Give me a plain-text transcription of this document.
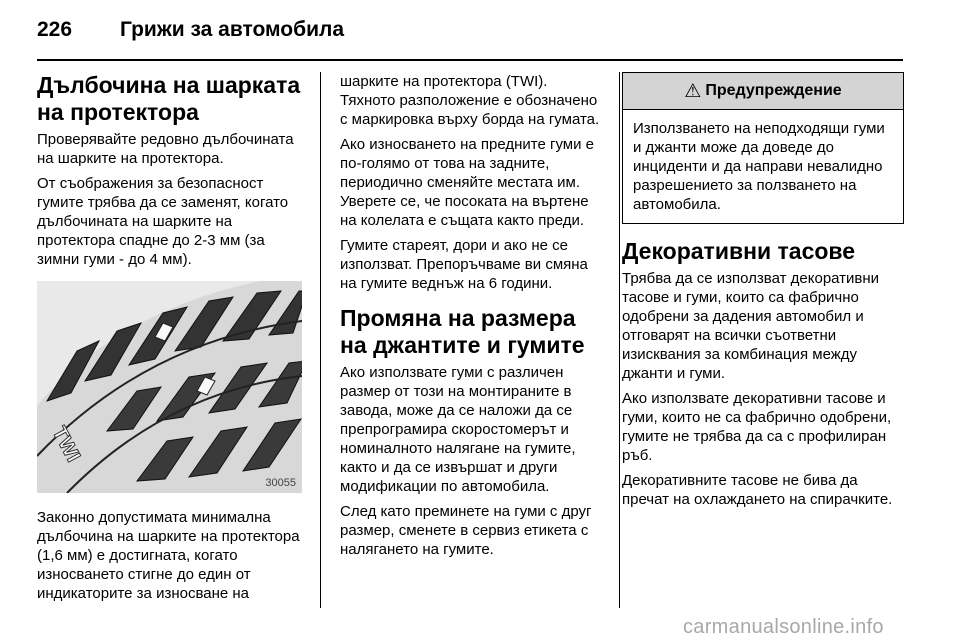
226 Грижи за автомобила
Дълбочина на шарката на протектора

Проверявайте редовно дълбочината на шарките на протектора.

От съображения за безопасност гумите трябва да се заменят, когато дълбочината на шарките на протектора спадне до 2-3 мм (за зимни гуми - до 4 мм).

TWI
30055

Законно допустимата минимална дълбочина на шарките на протектора (1,6 мм) е достигната, когато износването стигне до един от индикаторите за износване на

шарките на протектора (TWI). Тяхното разположение е обозначено с маркировка върху борда на гумата.

Ако износването на предните гуми е по-голямо от това на задните, периодично сменяйте местата им. Уверете се, че посоката на въртене на колелата е същата както преди.

Гумите стареят, дори и ако не се използват. Препоръчваме ви смяна на гумите веднъж на 6 години.

Промяна на размера на джантите и гумите

Ако използвате гуми с различен размер от този на монтираните в завода, може да се наложи да се препрограмира скоростомерът и номиналното налягане на гумите, както и да се извършат и други модификации по автомобила.

След като преминете на гуми с друг размер, сменете в сервиз етикета с налягането на гумите.

⚠ Предупреждение

Използването на неподходящи гуми и джанти може да доведе до инциденти и да направи невалидно разрешението за ползването на автомобила.

Декоративни тасове

Трябва да се използват декоративни тасове и гуми, които са фабрично одобрени за дадения автомобил и отговарят на всички съответни изисквания за комбинация между джанти и гуми.

Ако използвате декоративни тасове и гуми, които не са фабрично одобрени, гумите не трябва да са с профилиран ръб.

Декоративните тасове не бива да пречат на охлаждането на спирачките.

carmanualsonline.info
